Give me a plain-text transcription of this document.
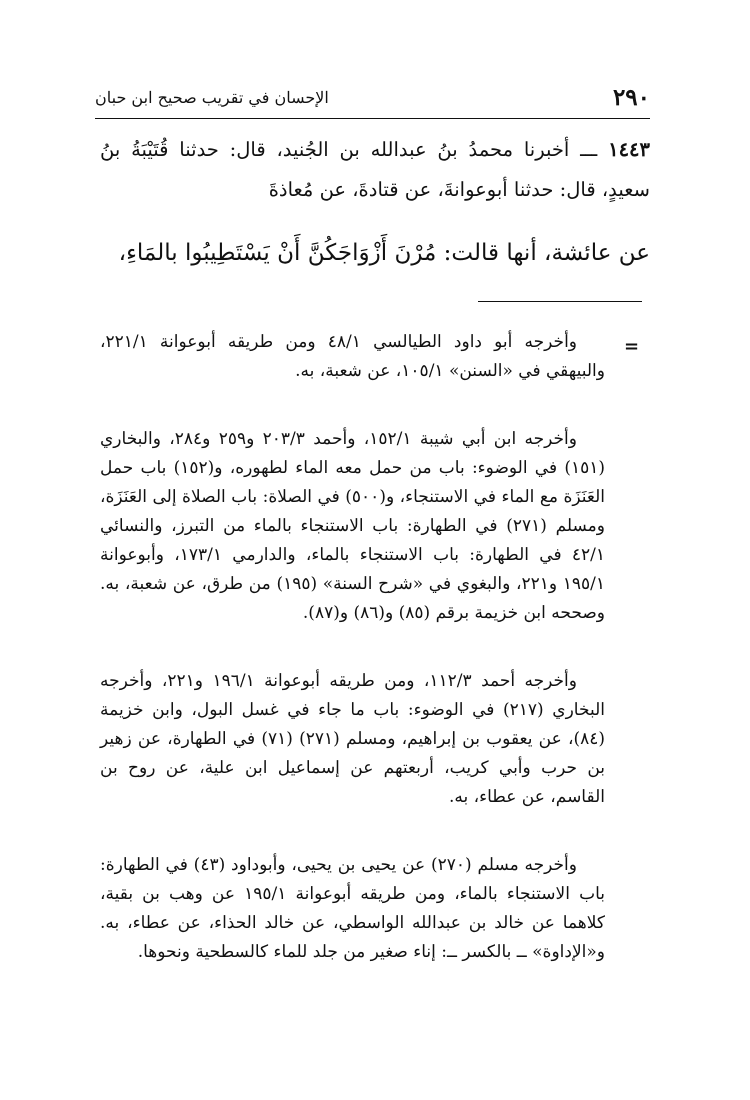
٢٩٠
الإحسان في تقريب صحيح ابن حبان
١٤٤٣ ـــ أخبرنا محمدُ بنُ عبدالله بن الجُنيد، قال: حدثنا قُتَيْبَةُ بنُ سعيدٍ، قال: حدثنا أبوعوانةَ، عن قتادةَ، عن مُعاذةَ
عن عائشة، أنها قالت: مُرْنَ أَزْوَاجَكُنَّ أَنْ يَسْتَطِيبُوا بالمَاءِ،
=

وأخرجه أبو داود الطيالسي ٤٨/١ ومن طريقه أبوعوانة ٢٢١/١، والبيهقي في «السنن» ١٠٥/١، عن شعبة، به.

وأخرجه ابن أبي شيبة ١٥٢/١، وأحمد ٢٠٣/٣ و٢٥٩ و٢٨٤، والبخاري (١٥١) في الوضوء: باب من حمل معه الماء لطهوره، و(١٥٢) باب حمل العَنَزَة مع الماء في الاستنجاء، و(٥٠٠) في الصلاة: باب الصلاة إلى العَنَزَة، ومسلم (٢٧١) في الطهارة: باب الاستنجاء بالماء من التبرز، والنسائي ٤٢/١ في الطهارة: باب الاستنجاء بالماء، والدارمي ١٧٣/١، وأبوعوانة ١٩٥/١ و٢٢١، والبغوي في «شرح السنة» (١٩٥) من طرق، عن شعبة، به. وصححه ابن خزيمة برقم (٨٥) و(٨٦) و(٨٧).

وأخرجه أحمد ١١٢/٣، ومن طريقه أبوعوانة ١٩٦/١ و٢٢١، وأخرجه البخاري (٢١٧) في الوضوء: باب ما جاء في غسل البول، وابن خزيمة (٨٤)، عن يعقوب بن إبراهيم، ومسلم (٢٧١) (٧١) في الطهارة، عن زهير بن حرب وأبي كريب، أربعتهم عن إسماعيل ابن علية، عن روح بن القاسم، عن عطاء، به.

وأخرجه مسلم (٢٧٠) عن يحيى بن يحيى، وأبوداود (٤٣) في الطهارة: باب الاستنجاء بالماء، ومن طريقه أبوعوانة ١٩٥/١ عن وهب بن بقية، كلاهما عن خالد بن عبدالله الواسطي، عن خالد الحذاء، عن عطاء، به. و«الإداوة» ــ بالكسر ــ: إناء صغير من جلد للماء كالسطحية ونحوها.
